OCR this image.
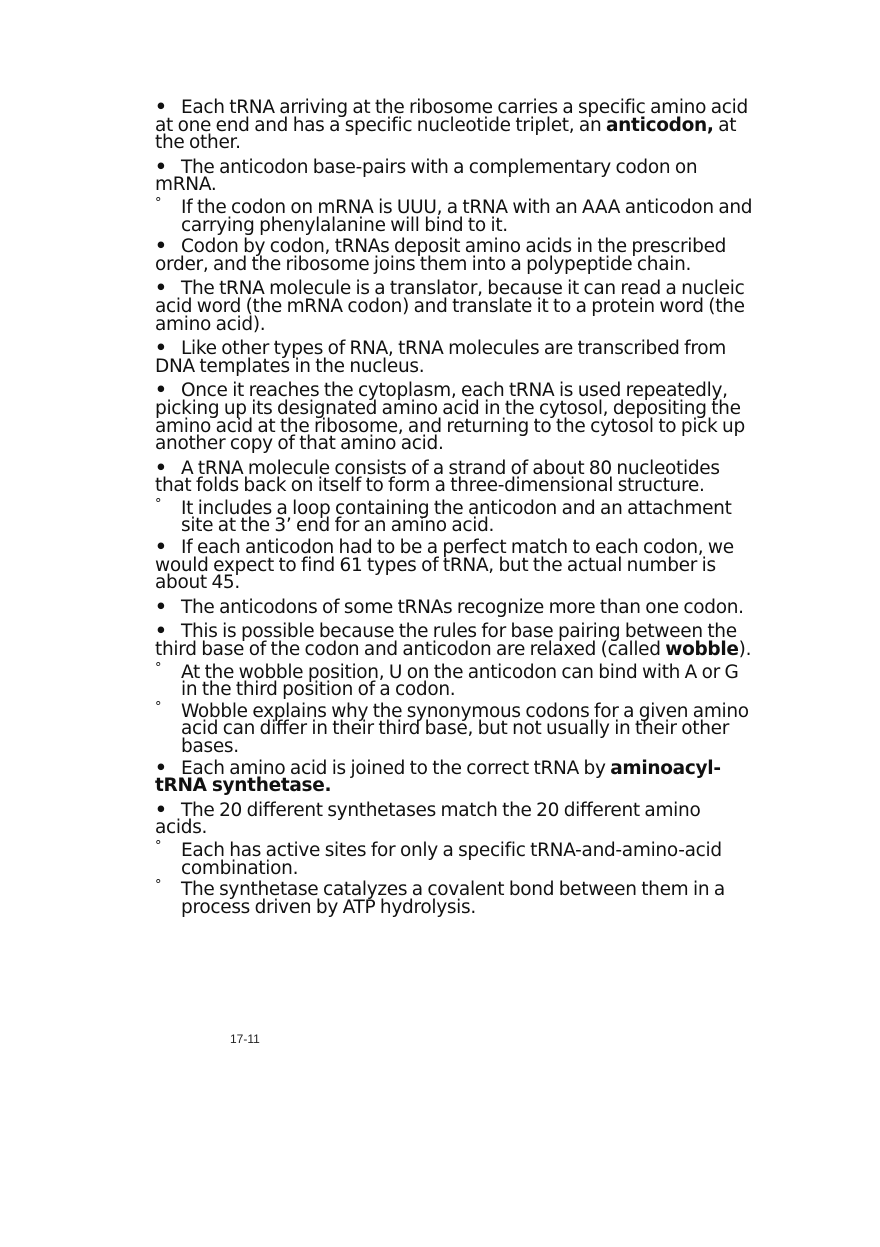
• Each tRNA arriving at the ribosome carries a specific amino acid at one end and has a specific nucleotide triplet, an anticodon, at the other.
• The anticodon base-pairs with a complementary codon on mRNA.
° If the codon on mRNA is UUU, a tRNA with an AAA anticodon and carrying phenylalanine will bind to it.
• Codon by codon, tRNAs deposit amino acids in the prescribed order, and the ribosome joins them into a polypeptide chain.
• The tRNA molecule is a translator, because it can read a nucleic acid word (the mRNA codon) and translate it to a protein word (the amino acid).
• Like other types of RNA, tRNA molecules are transcribed from DNA templates in the nucleus.
• Once it reaches the cytoplasm, each tRNA is used repeatedly, picking up its designated amino acid in the cytosol, depositing the amino acid at the ribosome, and returning to the cytosol to pick up another copy of that amino acid.
• A tRNA molecule consists of a strand of about 80 nucleotides that folds back on itself to form a three-dimensional structure.
° It includes a loop containing the anticodon and an attachment site at the 3’ end for an amino acid.
• If each anticodon had to be a perfect match to each codon, we would expect to find 61 types of tRNA, but the actual number is about 45.
• The anticodons of some tRNAs recognize more than one codon.
• This is possible because the rules for base pairing between the third base of the codon and anticodon are relaxed (called wobble).
° At the wobble position, U on the anticodon can bind with A or G in the third position of a codon.
° Wobble explains why the synonymous codons for a given amino acid can differ in their third base, but not usually in their other bases.
• Each amino acid is joined to the correct tRNA by aminoacyl-tRNA synthetase.
• The 20 different synthetases match the 20 different amino acids.
° Each has active sites for only a specific tRNA-and-amino-acid combination.
° The synthetase catalyzes a covalent bond between them in a process driven by ATP hydrolysis.
17-11
